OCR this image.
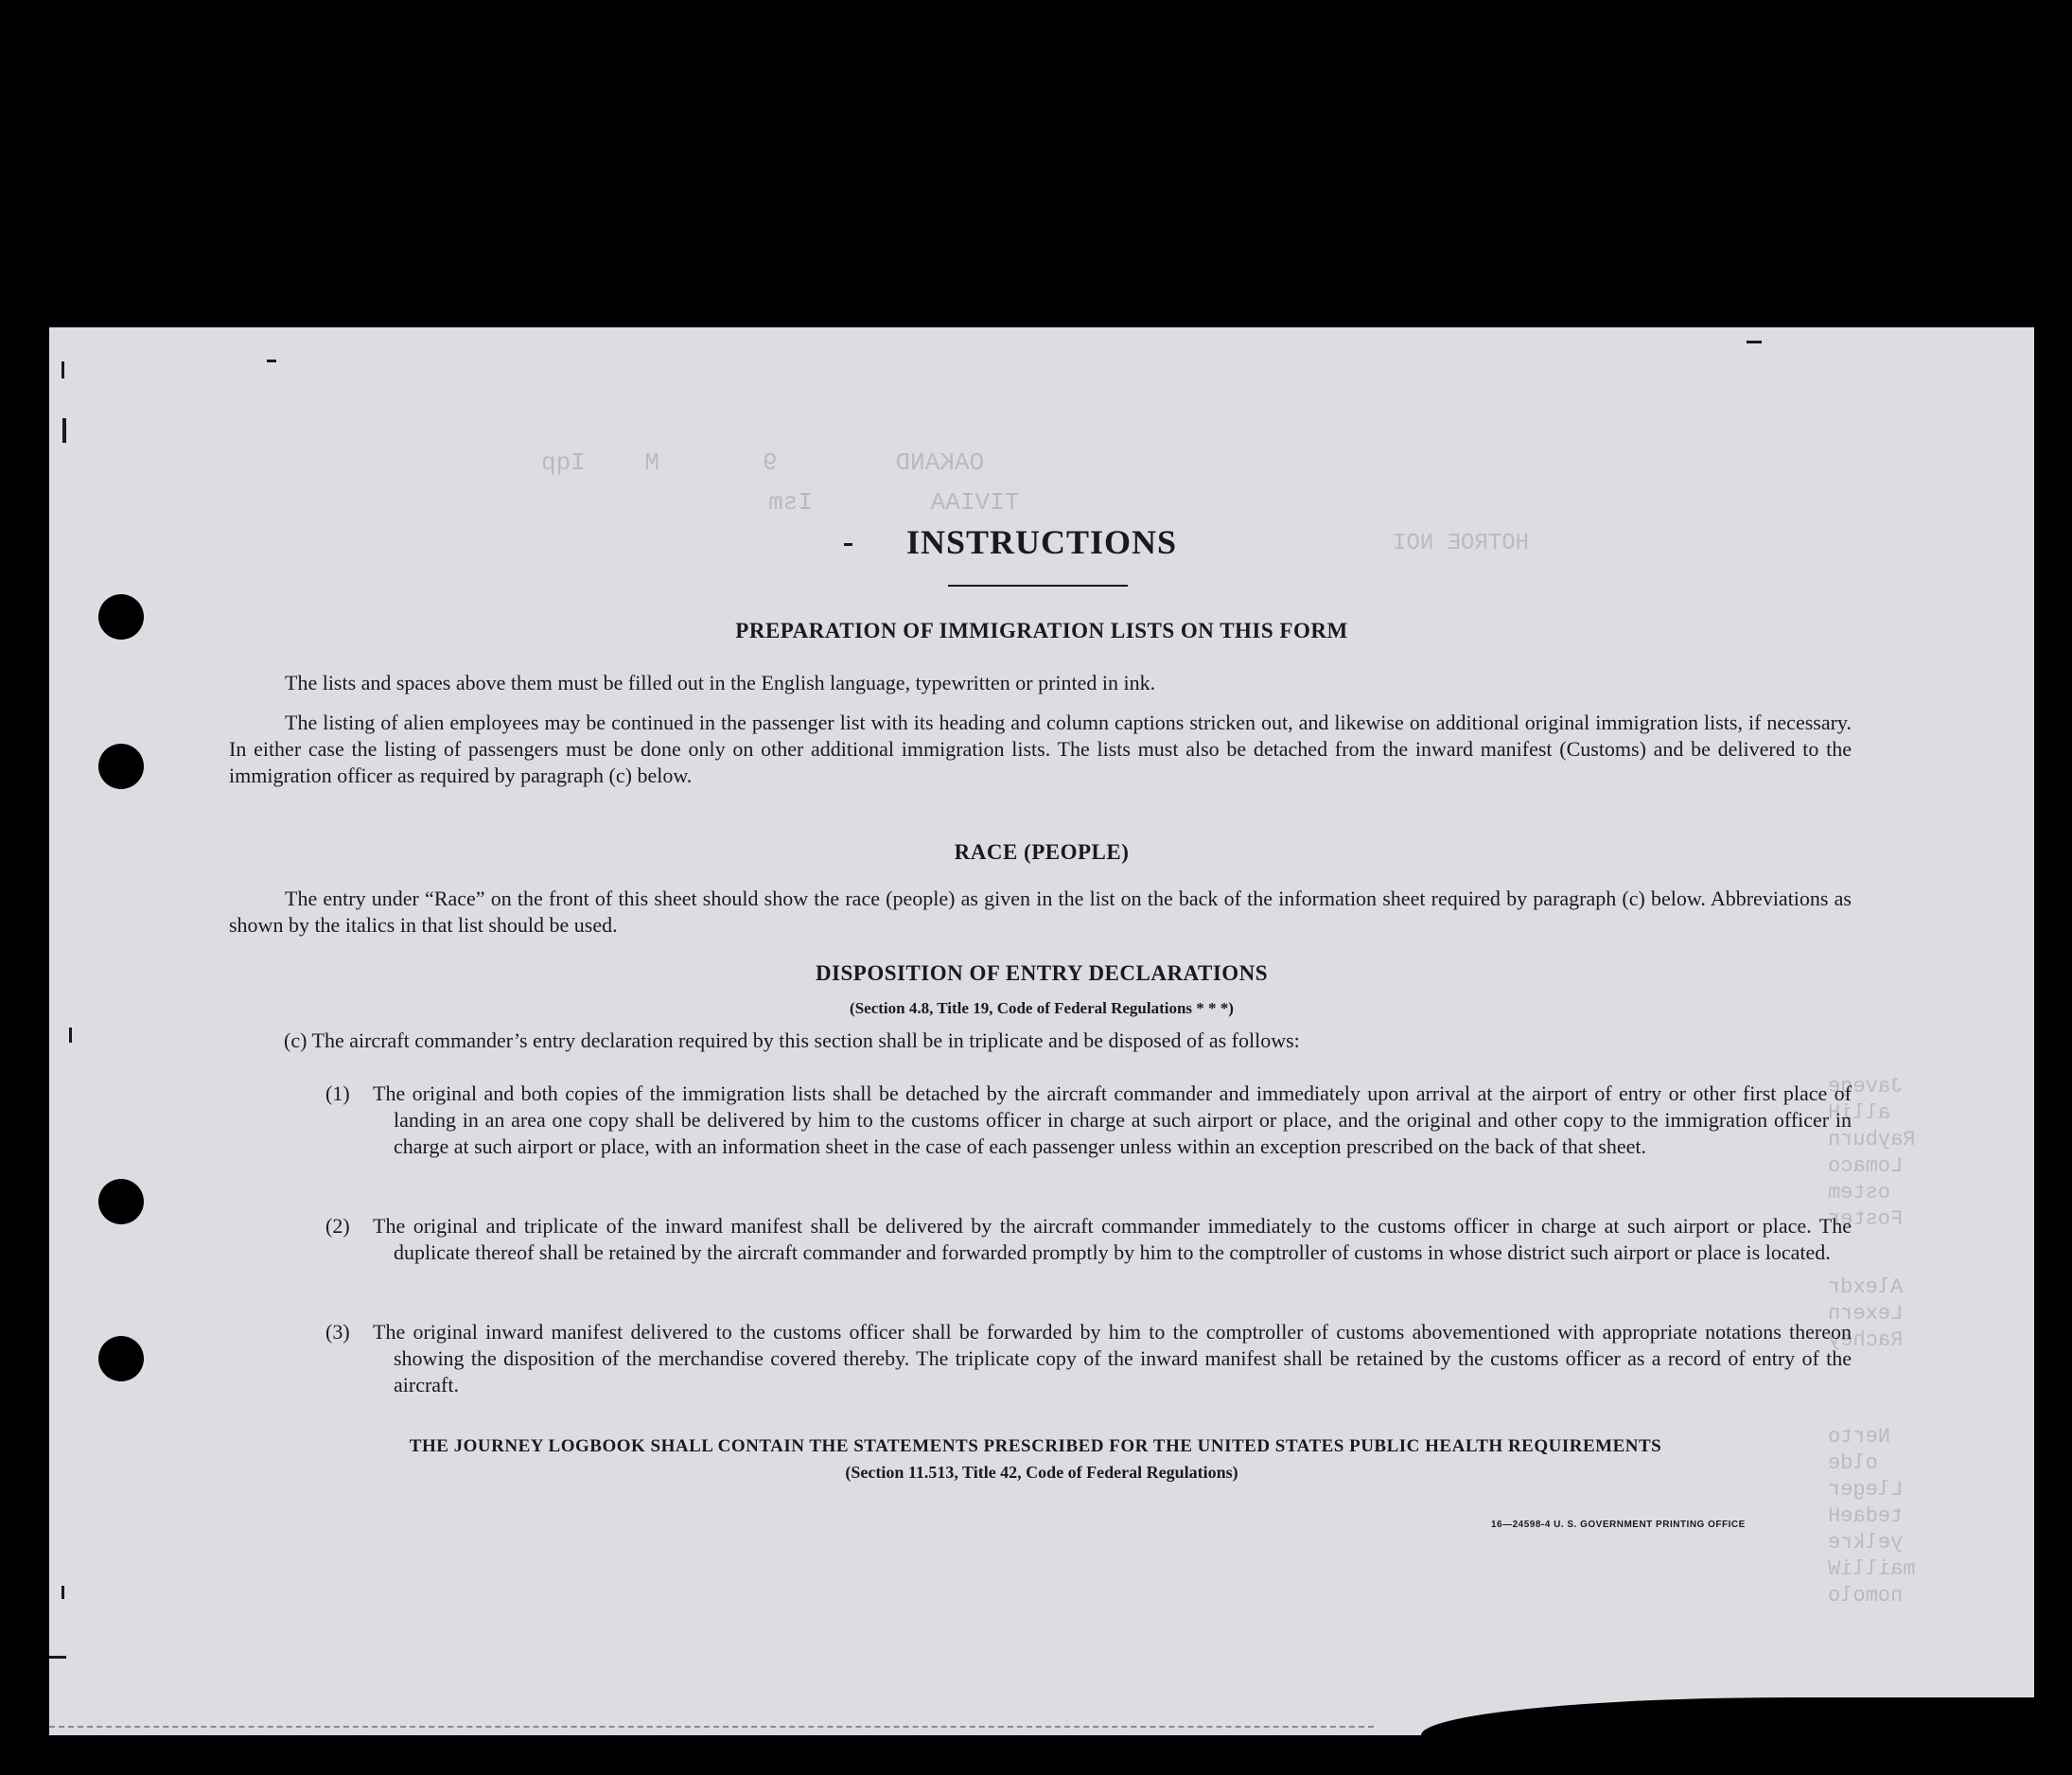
OAKAND        9       M    Iqp
TIVIAA        Ism
HOTROE NOI
Javege
alliH
Rayburn
Lomaco
ostem
Foster
Alexdr
Lexern
Rachey
Nerto
olde
Lleger
tedaeH
yelkre
mailliW
nomolo
INSTRUCTIONS
PREPARATION OF IMMIGRATION LISTS ON THIS FORM
The lists and spaces above them must be filled out in the English language, typewritten or printed in ink.
The listing of alien employees may be continued in the passenger list with its heading and column captions stricken out, and likewise on additional original immigration lists, if necessary. In either case the listing of passengers must be done only on other additional immigration lists. The lists must also be detached from the inward manifest (Customs) and be delivered to the immigration officer as required by paragraph (c) below.
RACE (PEOPLE)
The entry under “Race” on the front of this sheet should show the race (people) as given in the list on the back of the information sheet required by paragraph (c) below. Abbreviations as shown by the italics in that list should be used.
DISPOSITION OF ENTRY DECLARATIONS
(Section 4.8, Title 19, Code of Federal Regulations * * *)
(c) The aircraft commander’s entry declaration required by this section shall be in triplicate and be disposed of as follows:
(1)	The original and both copies of the immigration lists shall be detached by the aircraft commander and immediately upon arrival at the airport of entry or other first place of landing in an area one copy shall be delivered by him to the customs officer in charge at such airport or place, and the original and other copy to the immigration officer in charge at such airport or place, with an information sheet in the case of each passenger unless within an exception prescribed on the back of that sheet.
(2)	The original and triplicate of the inward manifest shall be delivered by the aircraft commander immediately to the customs officer in charge at such airport or place. The duplicate thereof shall be retained by the aircraft commander and forwarded promptly by him to the comptroller of customs in whose district such airport or place is located.
(3)	The original inward manifest delivered to the customs officer shall be forwarded by him to the comptroller of customs abovementioned with appropriate notations thereon showing the disposition of the merchandise covered thereby. The triplicate copy of the inward manifest shall be retained by the customs officer as a record of entry of the aircraft.
THE JOURNEY LOGBOOK SHALL CONTAIN THE STATEMENTS PRESCRIBED FOR THE UNITED STATES PUBLIC HEALTH REQUIREMENTS
(Section 11.513, Title 42, Code of Federal Regulations)
16—24598-4 U. S. GOVERNMENT PRINTING OFFICE
